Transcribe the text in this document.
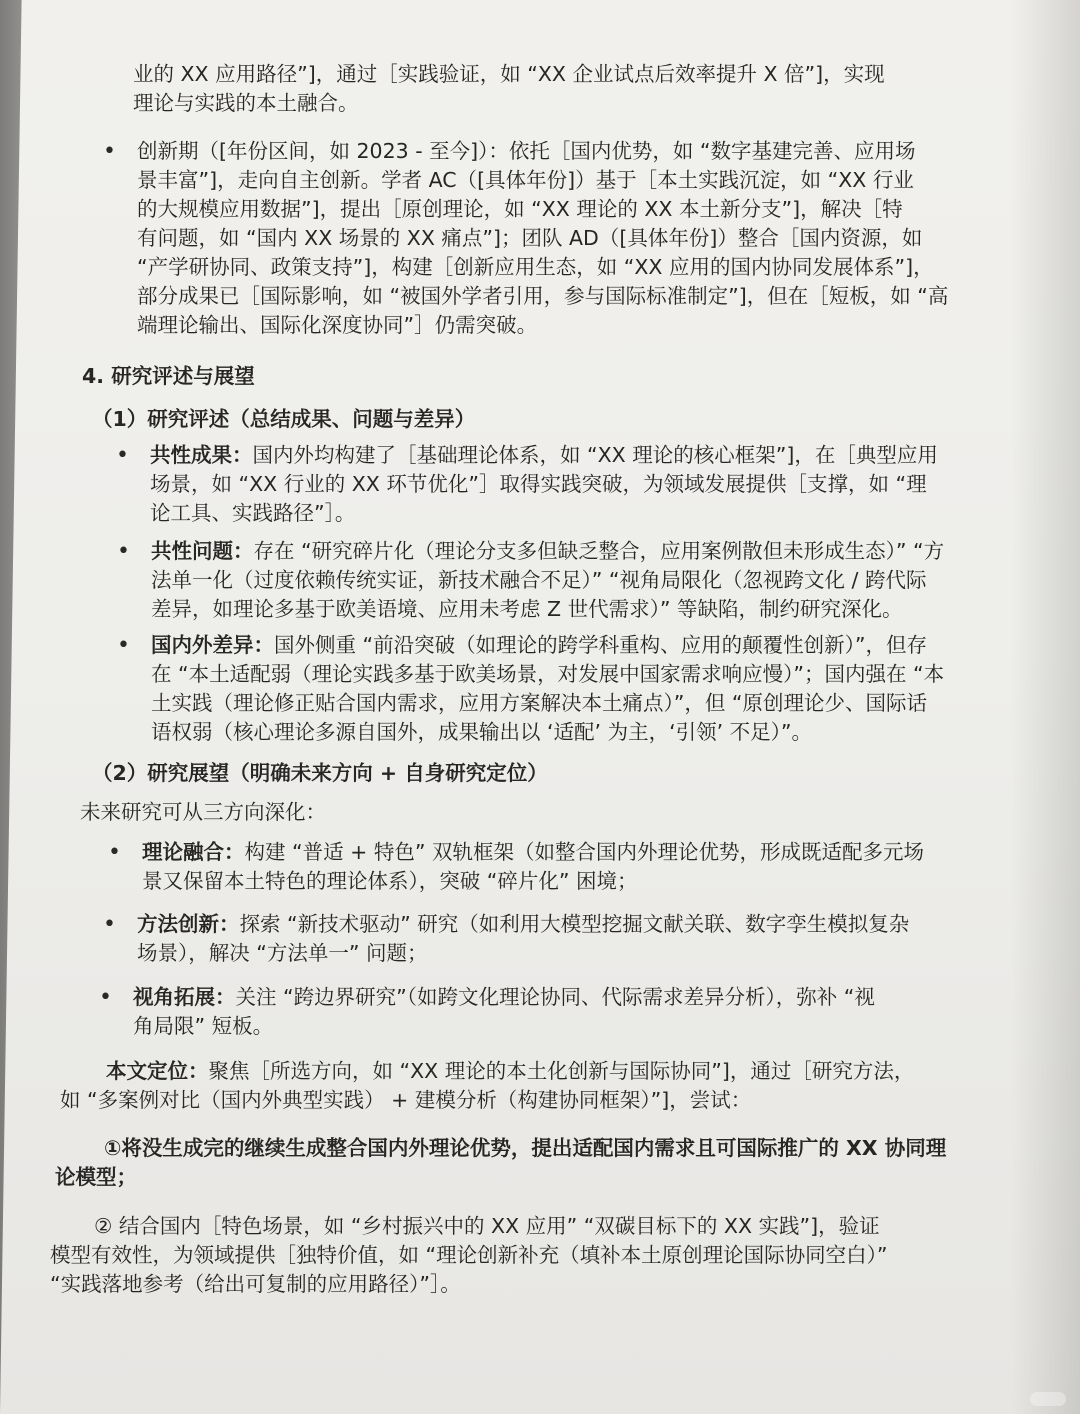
业的 XX 应用路径”]，通过［实践验证，如 “XX 企业试点后效率提升 X 倍”]，实现
理论与实践的本土融合。
• 创新期（[年份区间，如 2023 - 至今]）：依托［国内优势，如 “数字基建完善、应用场
景丰富”]，走向自主创新。学者 AC（[具体年份]）基于［本土实践沉淀，如 “XX 行业
的大规模应用数据”]，提出［原创理论，如 “XX 理论的 XX 本土新分支”]，解决［特
有问题，如 “国内 XX 场景的 XX 痛点”]；团队 AD（[具体年份]）整合［国内资源，如
“产学研协同、政策支持”]，构建［创新应用生态，如 “XX 应用的国内协同发展体系”]，
部分成果已［国际影响，如 “被国外学者引用，参与国际标准制定”]，但在［短板，如 “高
端理论输出、国际化深度协同”］仍需突破。
4. 研究评述与展望
（1）研究评述（总结成果、问题与差异）
• 共性成果：国内外均构建了［基础理论体系，如 “XX 理论的核心框架”]，在［典型应用
场景，如 “XX 行业的 XX 环节优化”］取得实践突破，为领域发展提供［支撑，如 “理
论工具、实践路径”］。
• 共性问题：存在 “研究碎片化（理论分支多但缺乏整合，应用案例散但未形成生态）” “方
法单一化（过度依赖传统实证，新技术融合不足）” “视角局限化（忽视跨文化 / 跨代际
差异，如理论多基于欧美语境、应用未考虑 Z 世代需求）” 等缺陷，制约研究深化。
• 国内外差异：国外侧重 “前沿突破（如理论的跨学科重构、应用的颠覆性创新）”，但存
在 “本土适配弱（理论实践多基于欧美场景，对发展中国家需求响应慢）”；国内强在 “本
土实践（理论修正贴合国内需求，应用方案解决本土痛点）”，但 “原创理论少、国际话
语权弱（核心理论多源自国外，成果输出以 ‘适配’ 为主，‘引领’ 不足）”。
（2）研究展望（明确未来方向 + 自身研究定位）
未来研究可从三方向深化：
• 理论融合：构建 “普适 + 特色” 双轨框架（如整合国内外理论优势，形成既适配多元场
景又保留本土特色的理论体系），突破 “碎片化” 困境；
• 方法创新：探索 “新技术驱动” 研究（如利用大模型挖掘文献关联、数字孪生模拟复杂
场景），解决 “方法单一” 问题；
• 视角拓展：关注 “跨边界研究”（如跨文化理论协同、代际需求差异分析），弥补 “视
角局限” 短板。
本文定位：聚焦［所选方向，如 “XX 理论的本土化创新与国际协同”]，通过［研究方法，
如 “多案例对比（国内外典型实践） + 建模分析（构建协同框架）”]，尝试：
①将没生成完的继续生成整合国内外理论优势，提出适配国内需求且可国际推广的 XX 协同理
论模型；
② 结合国内［特色场景，如 “乡村振兴中的 XX 应用” “双碳目标下的 XX 实践”]，验证
模型有效性，为领域提供［独特价值，如 “理论创新补充（填补本土原创理论国际协同空白）”
“实践落地参考（给出可复制的应用路径）”］。
